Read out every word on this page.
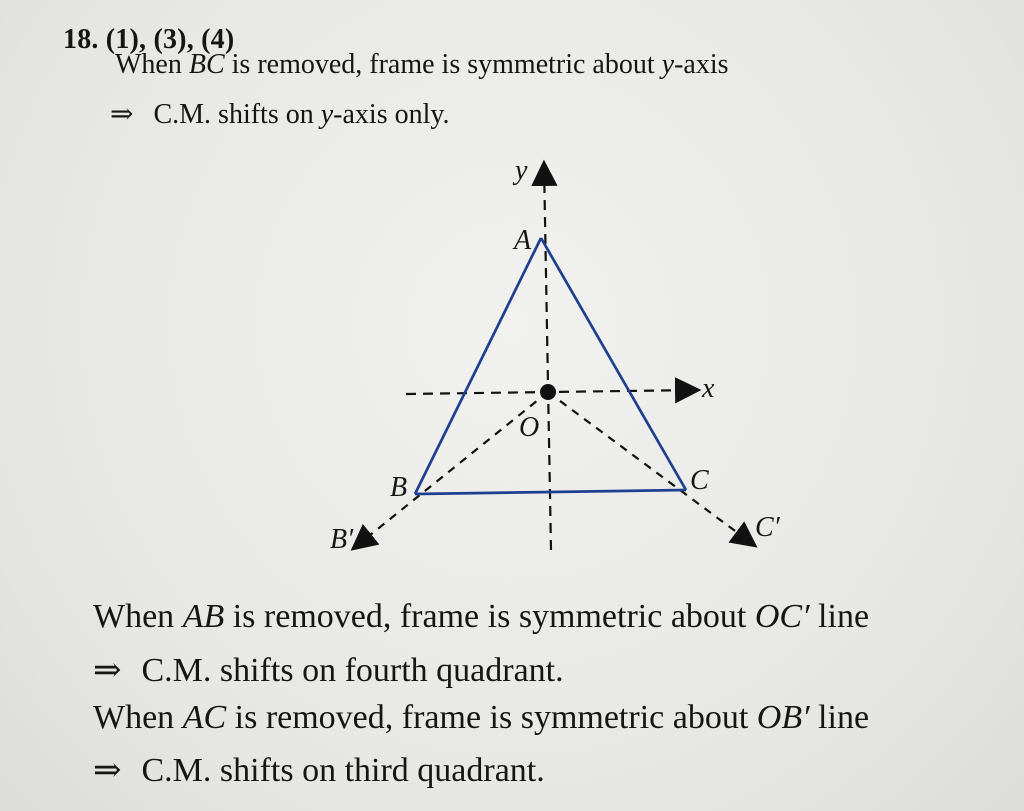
18. (1), (3), (4)
When BC is removed, frame is symmetric about y-axis
⇒ C.M. shifts on y-axis only.
y
x
A
B	C
O
B′	C′
When AB is removed, frame is symmetric about OC′ line
⇒ C.M. shifts on fourth quadrant.
When AC is removed, frame is symmetric about OB′ line
⇒ C.M. shifts on third quadrant.
